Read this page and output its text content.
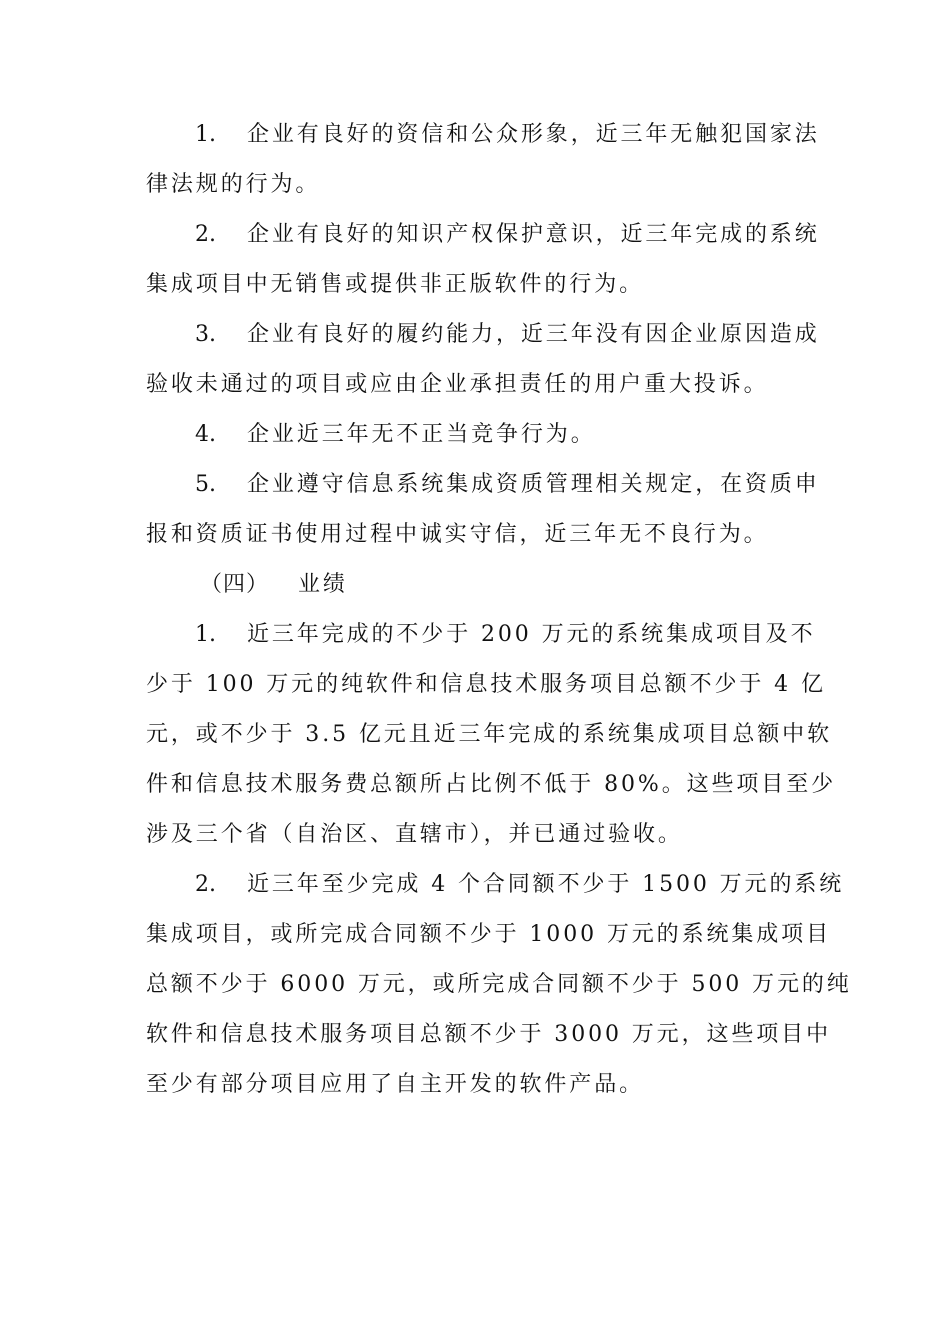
1. 企业有良好的资信和公众形象，近三年无触犯国家法
律法规的行为。
2. 企业有良好的知识产权保护意识，近三年完成的系统
集成项目中无销售或提供非正版软件的行为。
3. 企业有良好的履约能力，近三年没有因企业原因造成
验收未通过的项目或应由企业承担责任的用户重大投诉。
4. 企业近三年无不正当竞争行为。
5. 企业遵守信息系统集成资质管理相关规定，在资质申
报和资质证书使用过程中诚实守信，近三年无不良行为。
（四） 业绩
1. 近三年完成的不少于 200 万元的系统集成项目及不
少于 100 万元的纯软件和信息技术服务项目总额不少于 4 亿
元，或不少于 3.5 亿元且近三年完成的系统集成项目总额中软
件和信息技术服务费总额所占比例不低于 80%。这些项目至少
涉及三个省（自治区、直辖市），并已通过验收。
2. 近三年至少完成 4 个合同额不少于 1500 万元的系统
集成项目，或所完成合同额不少于 1000 万元的系统集成项目
总额不少于 6000 万元，或所完成合同额不少于 500 万元的纯
软件和信息技术服务项目总额不少于 3000 万元，这些项目中
至少有部分项目应用了自主开发的软件产品。
